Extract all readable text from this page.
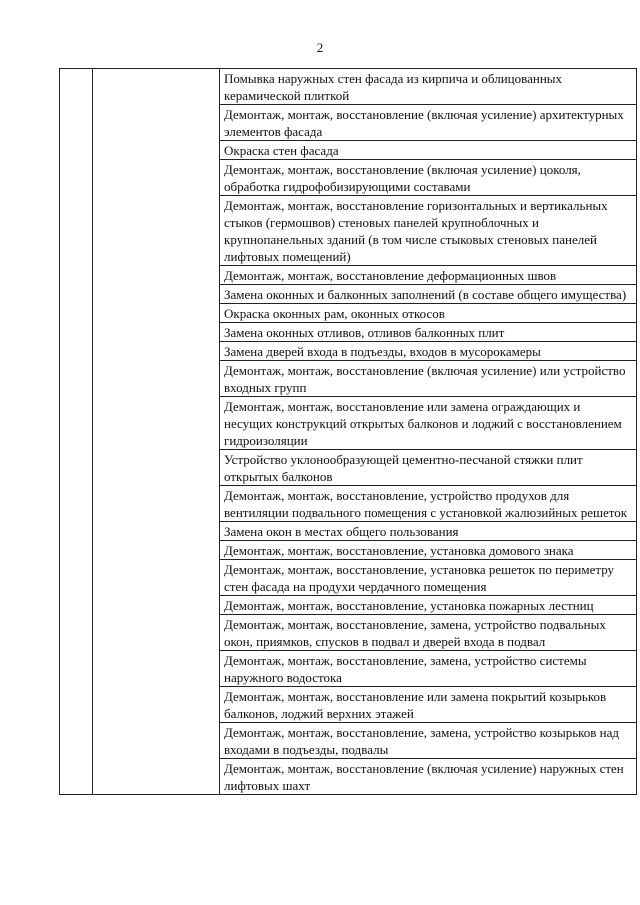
2
		Помывка наружных стен фасада из кирпича и облицованных керамической плиткой
Демонтаж, монтаж, восстановление (включая усиление) архитектурных элементов фасада
Окраска стен фасада
Демонтаж, монтаж, восстановление (включая усиление) цоколя, обработка гидрофобизирующими составами
Демонтаж, монтаж, восстановление горизонтальных и вертикальных стыков (гермошвов) стеновых панелей крупноблочных и крупнопанельных зданий (в том числе стыковых стеновых панелей лифтовых помещений)
Демонтаж, монтаж, восстановление деформационных швов
Замена оконных и балконных заполнений (в составе общего имущества)
Окраска оконных рам, оконных откосов
Замена оконных отливов, отливов балконных плит
Замена дверей входа в подъезды, входов в мусорокамеры
Демонтаж, монтаж, восстановление (включая усиление) или устройство входных групп
Демонтаж, монтаж, восстановление или замена ограждающих и несущих конструкций открытых балконов и лоджий с восстановлением гидроизоляции
Устройство уклонообразующей цементно-песчаной стяжки плит открытых балконов
Демонтаж, монтаж, восстановление, устройство продухов для вентиляции подвального помещения с установкой жалюзийных решеток
Замена окон в местах общего пользования
Демонтаж, монтаж, восстановление, установка домового знака
Демонтаж, монтаж, восстановление, установка решеток по периметру стен фасада на продухи чердачного помещения
Демонтаж, монтаж, восстановление, установка пожарных лестниц
Демонтаж, монтаж, восстановление, замена, устройство подвальных окон, приямков, спусков в подвал и дверей входа в подвал
Демонтаж, монтаж, восстановление, замена, устройство системы наружного водостока
Демонтаж, монтаж, восстановление или замена покрытий козырьков балконов, лоджий верхних этажей
Демонтаж, монтаж, восстановление, замена, устройство козырьков над входами в подъезды, подвалы
Демонтаж, монтаж, восстановление (включая усиление) наружных стен лифтовых шахт
